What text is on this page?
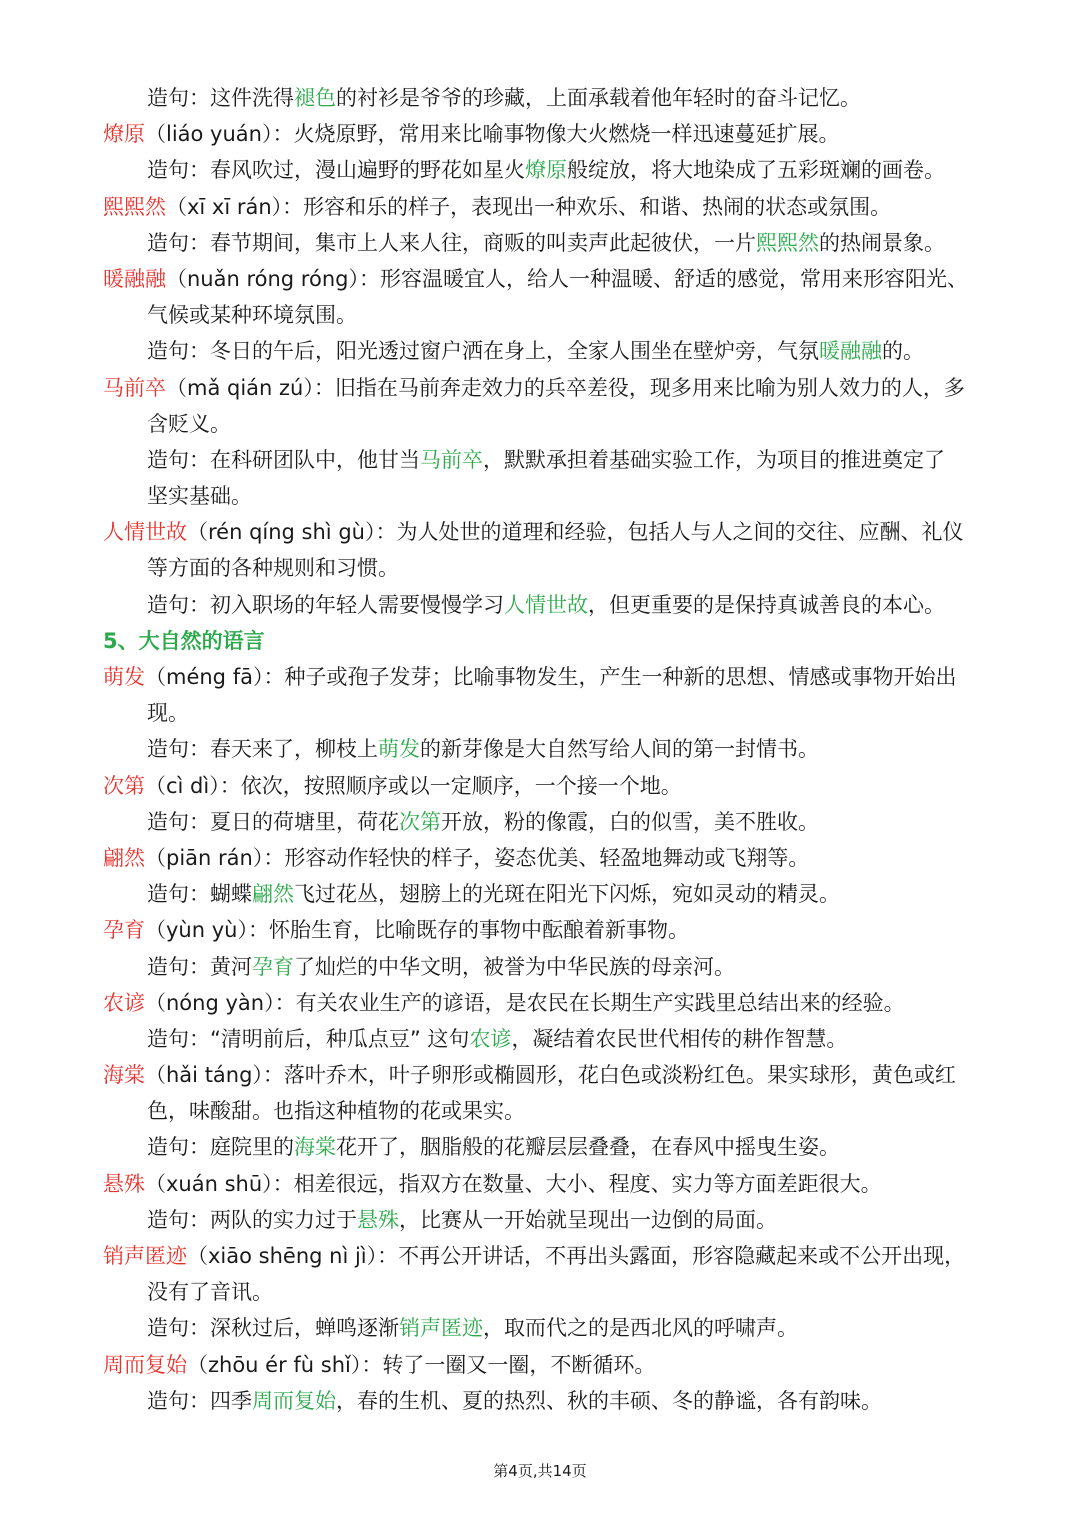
造句：这件洗得褪色的衬衫是爷爷的珍藏，上面承载着他年轻时的奋斗记忆。
燎原（liáo yuán）：火烧原野，常用来比喻事物像大火燃烧一样迅速蔓延扩展。
造句：春风吹过，漫山遍野的野花如星火燎原般绽放，将大地染成了五彩斑斓的画卷。
熙熙然（xī xī rán）：形容和乐的样子，表现出一种欢乐、和谐、热闹的状态或氛围。
造句：春节期间，集市上人来人往，商贩的叫卖声此起彼伏，一片熙熙然的热闹景象。
暖融融（nuǎn róng róng）：形容温暖宜人，给人一种温暖、舒适的感觉，常用来形容阳光、
气候或某种环境氛围。
造句：冬日的午后，阳光透过窗户洒在身上，全家人围坐在壁炉旁，气氛暖融融的。
马前卒（mǎ qián zú）：旧指在马前奔走效力的兵卒差役，现多用来比喻为别人效力的人，多
含贬义。
造句：在科研团队中，他甘当马前卒，默默承担着基础实验工作，为项目的推进奠定了
坚实基础。
人情世故（rén qíng shì gù）：为人处世的道理和经验，包括人与人之间的交往、应酬、礼仪
等方面的各种规则和习惯。
造句：初入职场的年轻人需要慢慢学习人情世故，但更重要的是保持真诚善良的本心。
5、大自然的语言
萌发（méng fā）：种子或孢子发芽；比喻事物发生，产生一种新的思想、情感或事物开始出
现。
造句：春天来了，柳枝上萌发的新芽像是大自然写给人间的第一封情书。
次第（cì dì）：依次，按照顺序或以一定顺序，一个接一个地。
造句：夏日的荷塘里，荷花次第开放，粉的像霞，白的似雪，美不胜收。
翩然（piān rán）：形容动作轻快的样子，姿态优美、轻盈地舞动或飞翔等。
造句：蝴蝶翩然飞过花丛，翅膀上的光斑在阳光下闪烁，宛如灵动的精灵。
孕育（yùn yù）：怀胎生育，比喻既存的事物中酝酿着新事物。
造句：黄河孕育了灿烂的中华文明，被誉为中华民族的母亲河。
农谚（nóng yàn）：有关农业生产的谚语，是农民在长期生产实践里总结出来的经验。
造句：“清明前后，种瓜点豆” 这句农谚，凝结着农民世代相传的耕作智慧。
海棠（hǎi táng）：落叶乔木，叶子卵形或椭圆形，花白色或淡粉红色。果实球形，黄色或红
色，味酸甜。也指这种植物的花或果实。
造句：庭院里的海棠花开了，胭脂般的花瓣层层叠叠，在春风中摇曳生姿。
悬殊（xuán shū）：相差很远，指双方在数量、大小、程度、实力等方面差距很大。
造句：两队的实力过于悬殊，比赛从一开始就呈现出一边倒的局面。
销声匿迹（xiāo shēng nì jì）：不再公开讲话，不再出头露面，形容隐藏起来或不公开出现，
没有了音讯。
造句：深秋过后，蝉鸣逐渐销声匿迹，取而代之的是西北风的呼啸声。
周而复始（zhōu ér fù shǐ）：转了一圈又一圈，不断循环。
造句：四季周而复始，春的生机、夏的热烈、秋的丰硕、冬的静谧，各有韵味。
第4页,共14页
